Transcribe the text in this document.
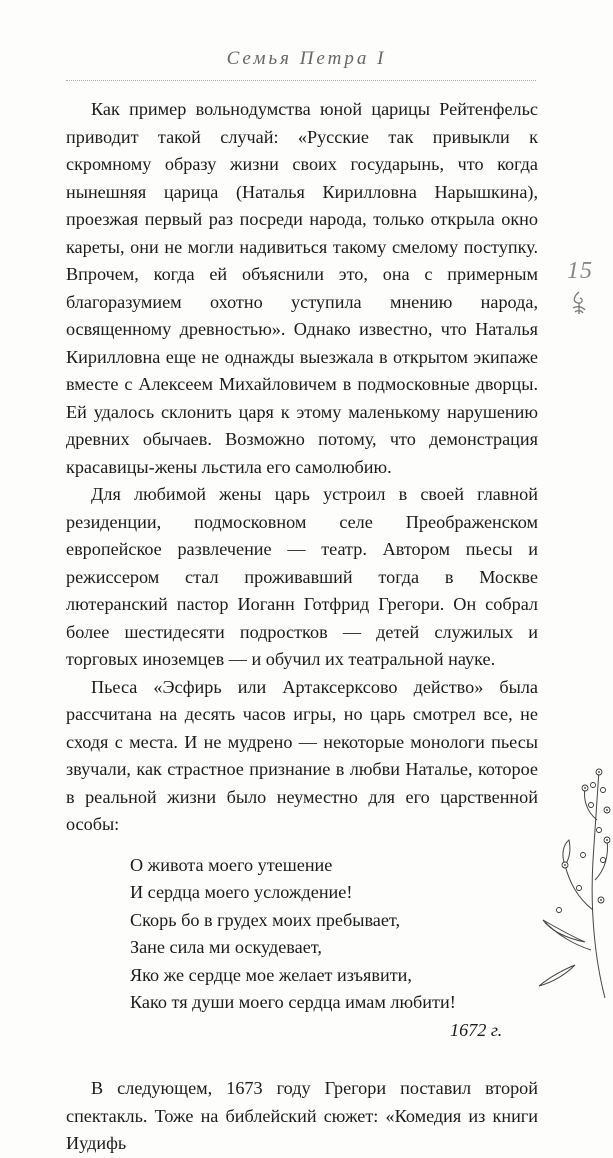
Семья Петра I

Как пример вольнодумства юной царицы Рейтенфельс приводит такой случай: «Русские так привыкли к скромному образу жизни своих государынь, что когда нынешняя царица (Наталья Кирилловна Нарышкина), проезжая первый раз посреди народа, только открыла окно кареты, они не могли надивиться такому смелому поступку. Впрочем, когда ей объяснили это, она с примерным благоразумием охотно уступила мнению народа, освященному древностью». Однако известно, что Наталья Кирилловна еще не однажды выезжала в открытом экипаже вместе с Алексеем Михайловичем в подмосковные дворцы. Ей удалось склонить царя к этому маленькому нарушению древних обычаев. Возможно потому, что демонстрация красавицы-жены льстила его самолюбию.

Для любимой жены царь устроил в своей главной резиденции, подмосковном селе Преображенском европейское развлечение — театр. Автором пьесы и режиссером стал проживавший тогда в Москве лютеранский пастор Иоганн Готфрид Грегори. Он собрал более шестидесяти подростков — детей служилых и торговых иноземцев — и обучил их театральной науке.

Пьеса «Эсфирь или Артаксерксово действо» была рассчитана на десять часов игры, но царь смотрел все, не сходя с места. И не мудрено — некоторые монологи пьесы звучали, как страстное признание в любви Наталье, которое в реальной жизни было неуместно для его царственной особы:

О живота моего утешение
И сердца моего услождение!
Скорь бо в грудех моих пребывает,
Зане сила ми оскудевает,
Яко же сердце мое желает изъявити,
Како тя души моего сердца имам любити!
1672 г.

В следующем, 1673 году Грегори поставил второй спектакль. Тоже на библейский сюжет: «Комедия из книги Иудифь

15
